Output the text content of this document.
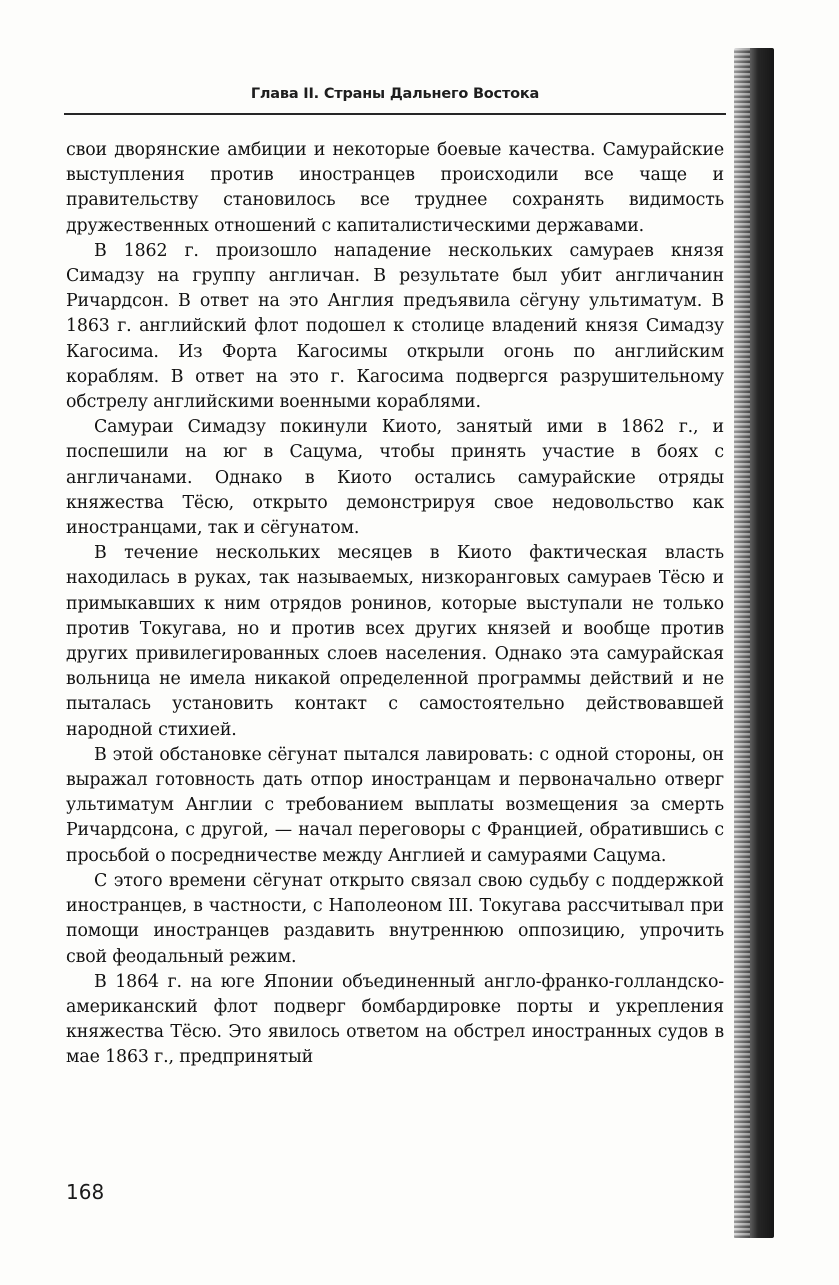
Глава II. Страны Дальнего Востока

свои дворянские амбиции и некоторые боевые качества. Самурайские выступления против иностранцев происходили все чаще и правительству становилось все труднее сохранять видимость дружественных отношений с капиталистическими державами.

В 1862 г. произошло нападение нескольких самураев князя Симадзу на группу англичан. В результате был убит англичанин Ричардсон. В ответ на это Англия предъявила сёгуну ультиматум. В 1863 г. английский флот подошел к столице владений князя Симадзу Кагосима. Из Форта Кагосимы открыли огонь по английским кораблям. В ответ на это г. Кагосима подвергся разрушительному обстрелу английскими военными кораблями.

Самураи Симадзу покинули Киото, занятый ими в 1862 г., и поспешили на юг в Сацума, чтобы принять участие в боях с англичанами. Однако в Киото остались самурайские отряды княжества Тёсю, открыто демонстрируя свое недовольство как иностранцами, так и сёгунатом.

В течение нескольких месяцев в Киото фактическая власть находилась в руках, так называемых, низкоранговых самураев Тёсю и примыкавших к ним отрядов ронинов, которые выступали не только против Токугава, но и против всех других князей и вообще против других привилегированных слоев населения. Однако эта самурайская вольница не имела никакой определенной программы действий и не пыталась установить контакт с самостоятельно действовавшей народной стихией.

В этой обстановке сёгунат пытался лавировать: с одной стороны, он выражал готовность дать отпор иностранцам и первоначально отверг ультиматум Англии с требованием выплаты возмещения за смерть Ричардсона, с другой, — начал переговоры с Францией, обратившись с просьбой о посредничестве между Англией и самураями Сацума.

С этого времени сёгунат открыто связал свою судьбу с поддержкой иностранцев, в частности, с Наполеоном III. Токугава рассчитывал при помощи иностранцев раздавить внутреннюю оппозицию, упрочить свой феодальный режим.

В 1864 г. на юге Японии объединенный англо-франко-голландско-американский флот подверг бомбардировке порты и укрепления княжества Тёсю. Это явилось ответом на обстрел иностранных судов в мае 1863 г., предпринятый

168
